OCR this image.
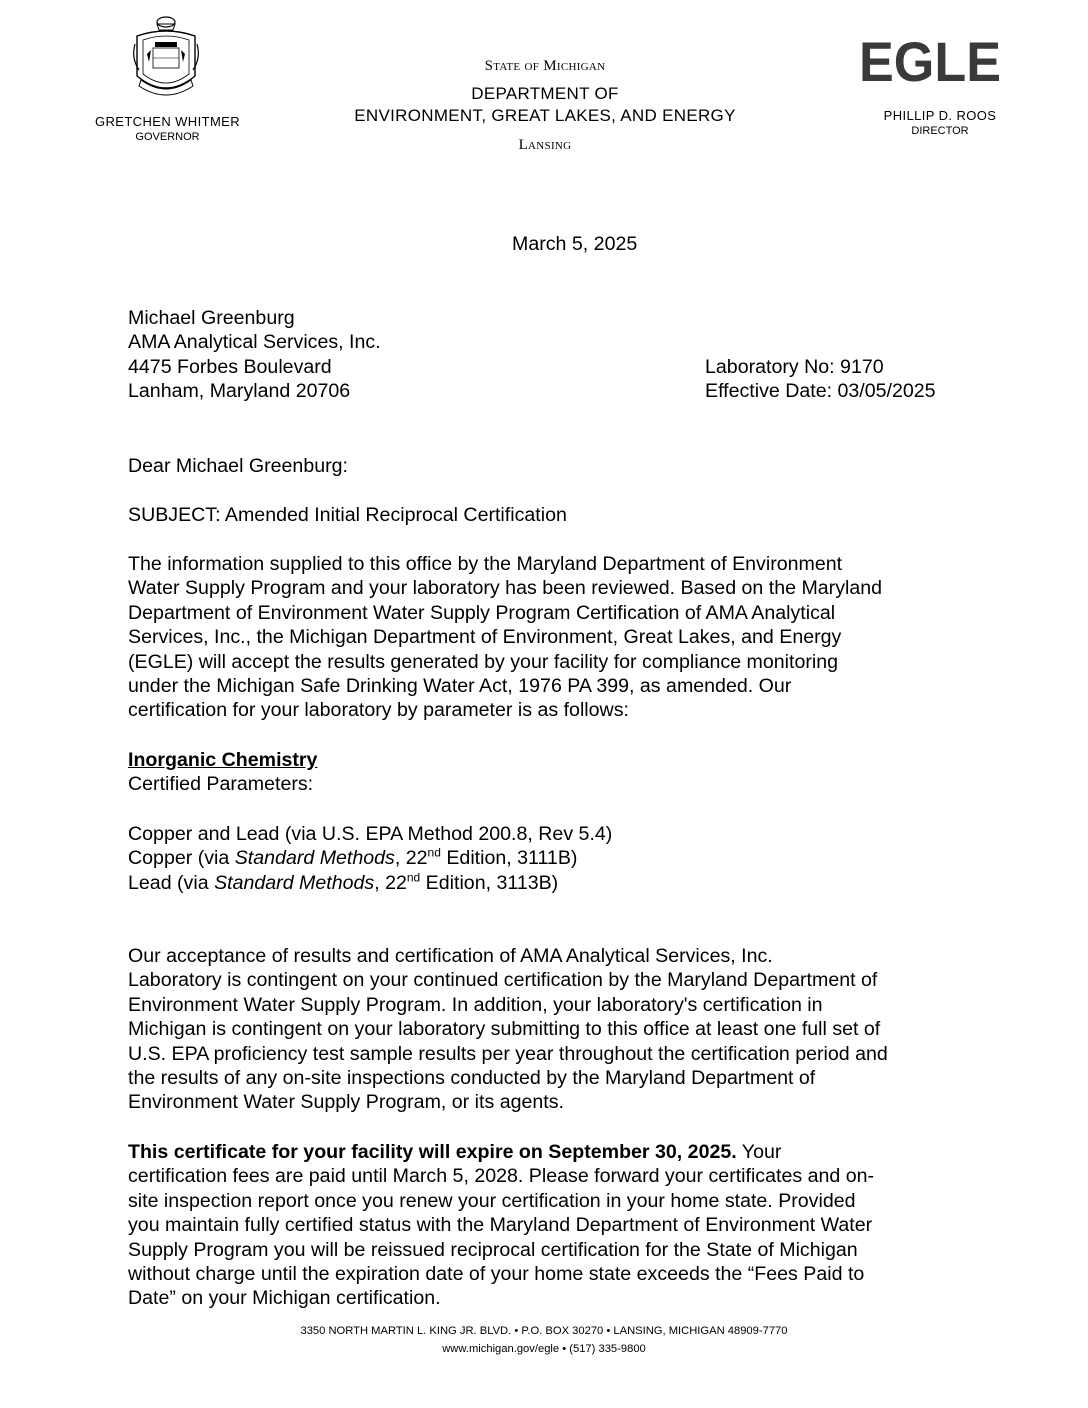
GRETCHEN WHITMER
GOVERNOR
State of Michigan
DEPARTMENT OF
ENVIRONMENT, GREAT LAKES, AND ENERGY
Lansing
EGLE
PHILLIP D. ROOS
DIRECTOR
March 5, 2025
Michael Greenburg
AMA Analytical Services, Inc.
4475 Forbes Boulevard
Lanham, Maryland 20706
Laboratory No: 9170
Effective Date: 03/05/2025
Dear Michael Greenburg:
SUBJECT: Amended Initial Reciprocal Certification
The information supplied to this office by the Maryland Department of Environment
Water Supply Program and your laboratory has been reviewed. Based on the Maryland
Department of Environment Water Supply Program Certification of AMA Analytical
Services, Inc., the Michigan Department of Environment, Great Lakes, and Energy
(EGLE) will accept the results generated by your facility for compliance monitoring
under the Michigan Safe Drinking Water Act, 1976 PA 399, as amended. Our
certification for your laboratory by parameter is as follows:
Inorganic Chemistry
Certified Parameters:
Copper and Lead (via U.S. EPA Method 200.8, Rev 5.4)
Copper (via Standard Methods, 22nd Edition, 3111B)
Lead (via Standard Methods, 22nd Edition, 3113B)
Our acceptance of results and certification of AMA Analytical Services, Inc.
Laboratory is contingent on your continued certification by the Maryland Department of
Environment Water Supply Program. In addition, your laboratory's certification in
Michigan is contingent on your laboratory submitting to this office at least one full set of
U.S. EPA proficiency test sample results per year throughout the certification period and
the results of any on-site inspections conducted by the Maryland Department of
Environment Water Supply Program, or its agents.
This certificate for your facility will expire on September 30, 2025. Your
certification fees are paid until March 5, 2028. Please forward your certificates and on-
site inspection report once you renew your certification in your home state. Provided
you maintain fully certified status with the Maryland Department of Environment Water
Supply Program you will be reissued reciprocal certification for the State of Michigan
without charge until the expiration date of your home state exceeds the “Fees Paid to
Date” on your Michigan certification.
3350 NORTH MARTIN L. KING JR. BLVD. • P.O. BOX 30270 • LANSING, MICHIGAN 48909-7770
www.michigan.gov/egle • (517) 335-9800
